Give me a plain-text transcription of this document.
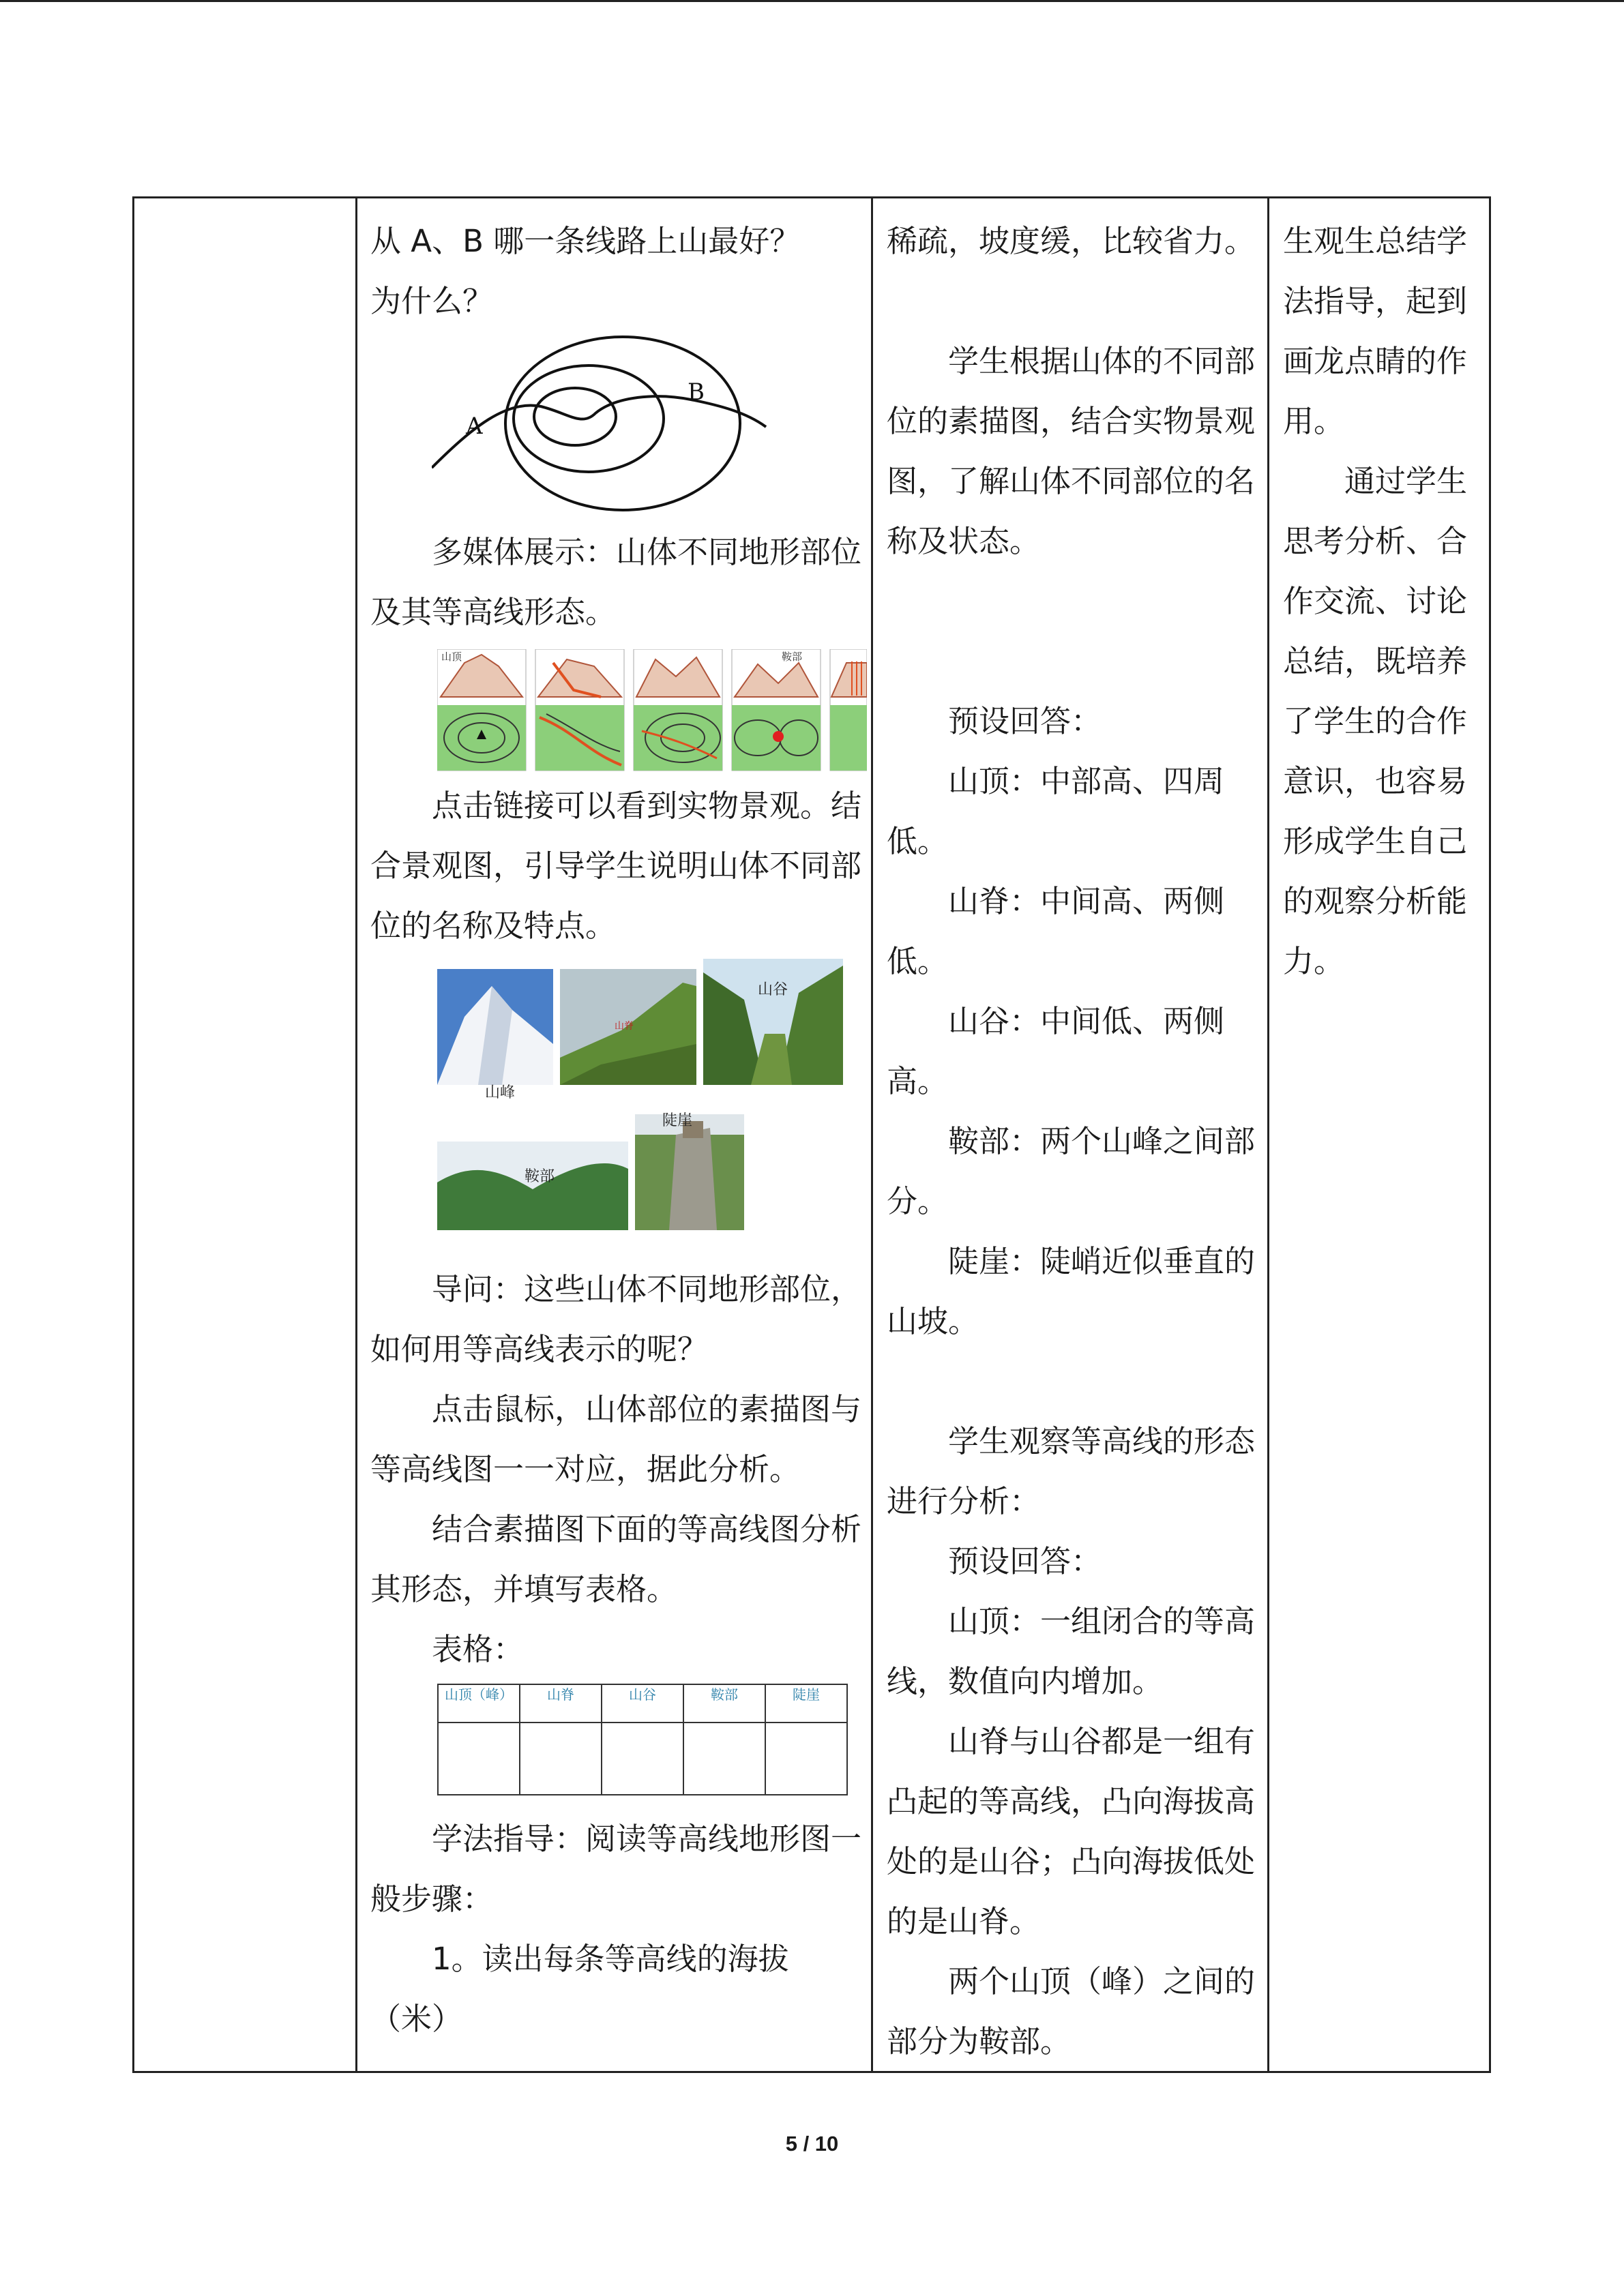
从 A、B 哪一条线路上山最好？

为什么？

A
B

多媒体展示：山体不同地形部位及其等高线形态。

山顶	鞍部

点击链接可以看到实物景观。结合景观图，引导学生说明山体不同部位的名称及特点。

山峰
山脊
山谷
鞍部
陡崖

导问：这些山体不同地形部位，如何用等高线表示的呢？

点击鼠标，山体部位的素描图与等高线图一一对应，据此分析。

结合素描图下面的等高线图分析其形态，并填写表格。

表格：

山顶（峰）	山脊	山谷	鞍部	陡崖

学法指导：阅读等高线地形图一般步骤：

1。读出每条等高线的海拔（米）

稀疏，坡度缓，比较省力。

学生根据山体的不同部位的素描图，结合实物景观图，了解山体不同部位的名称及状态。

预设回答：

山顶：中部高、四周低。

山脊：中间高、两侧低。

山谷：中间低、两侧高。

鞍部：两个山峰之间部分。

陡崖：陡峭近似垂直的山坡。

学生观察等高线的形态进行分析：

预设回答：

山顶：一组闭合的等高线，数值向内增加。

山脊与山谷都是一组有凸起的等高线，凸向海拔高处的是山谷；凸向海拔低处的是山脊。

两个山顶（峰）之间的部分为鞍部。

生观生总结学法指导，起到画龙点睛的作用。

通过学生思考分析、合作交流、讨论总结，既培养了学生的合作意识，也容易形成学生自己的观察分析能力。

5 / 10
